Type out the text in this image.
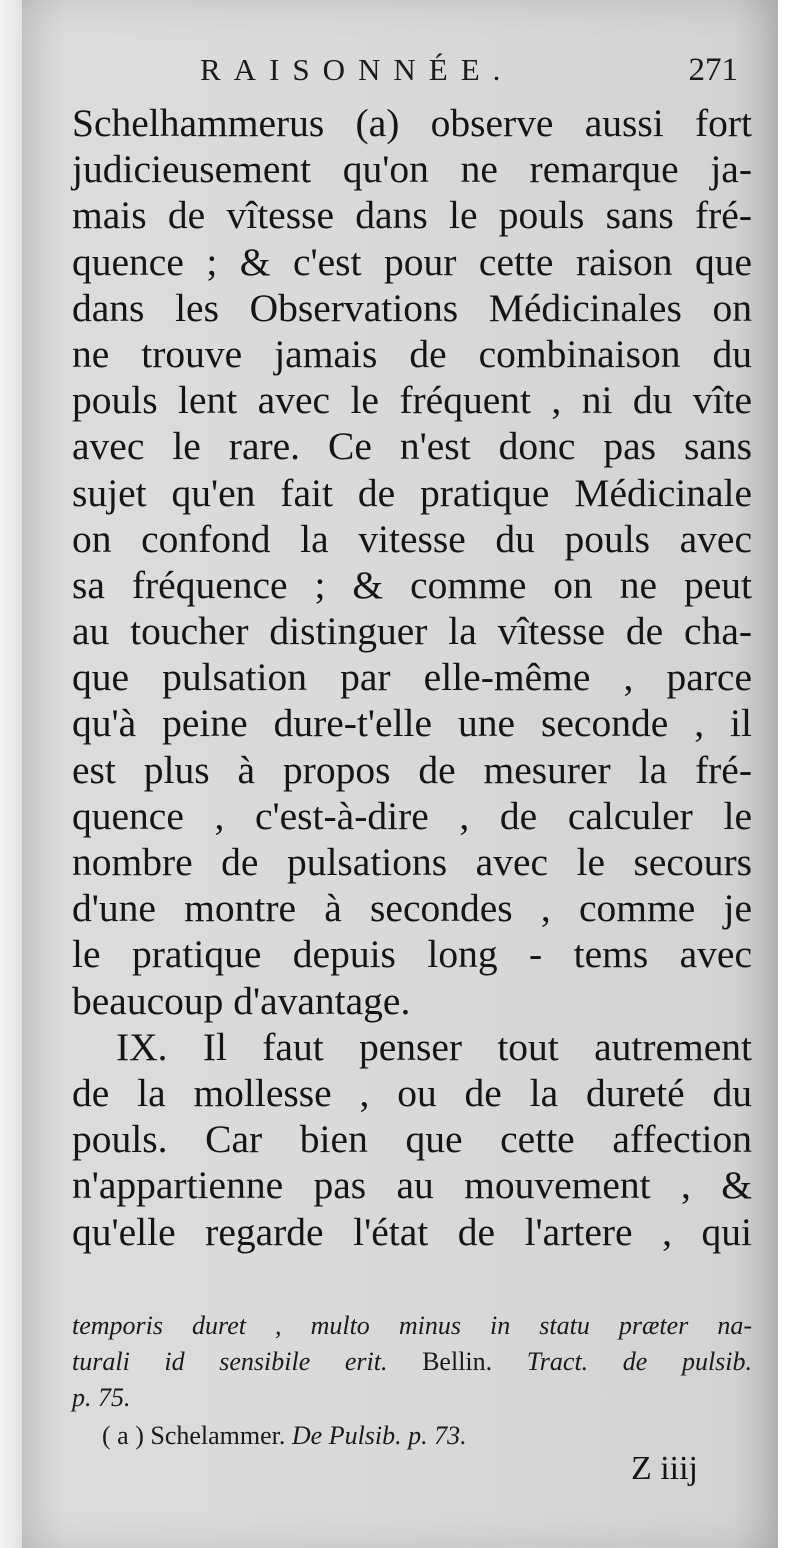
RAISONNÉE.	271
Schelhammerus (a) observe aussi fort
judicieusement qu'on ne remarque ja-
mais de vîtesse dans le pouls sans fré-
quence ; & c'est pour cette raison que
dans les Observations Médicinales on
ne trouve jamais de combinaison du
pouls lent avec le fréquent , ni du vîte
avec le rare. Ce n'est donc pas sans
sujet qu'en fait de pratique Médicinale
on confond la vitesse du pouls avec
sa fréquence ; & comme on ne peut
au toucher distinguer la vîtesse de cha-
que pulsation par elle-même , parce
qu'à peine dure-t'elle une seconde , il
est plus à propos de mesurer la fré-
quence , c'est-à-dire , de calculer le
nombre de pulsations avec le secours
d'une montre à secondes , comme je
le pratique depuis long - tems avec
beaucoup d'avantage.
IX. Il faut penser tout autrement
de la mollesse , ou de la dureté du
pouls. Car bien que cette affection
n'appartienne pas au mouvement , &
qu'elle regarde l'état de l'artere , qui
temporis duret , multo minus in statu præter na-
turali id sensibile erit. Bellin. Tract. de pulsib.
p. 75.
( a ) Schelammer. De Pulsib. p. 73.
Z iiij
